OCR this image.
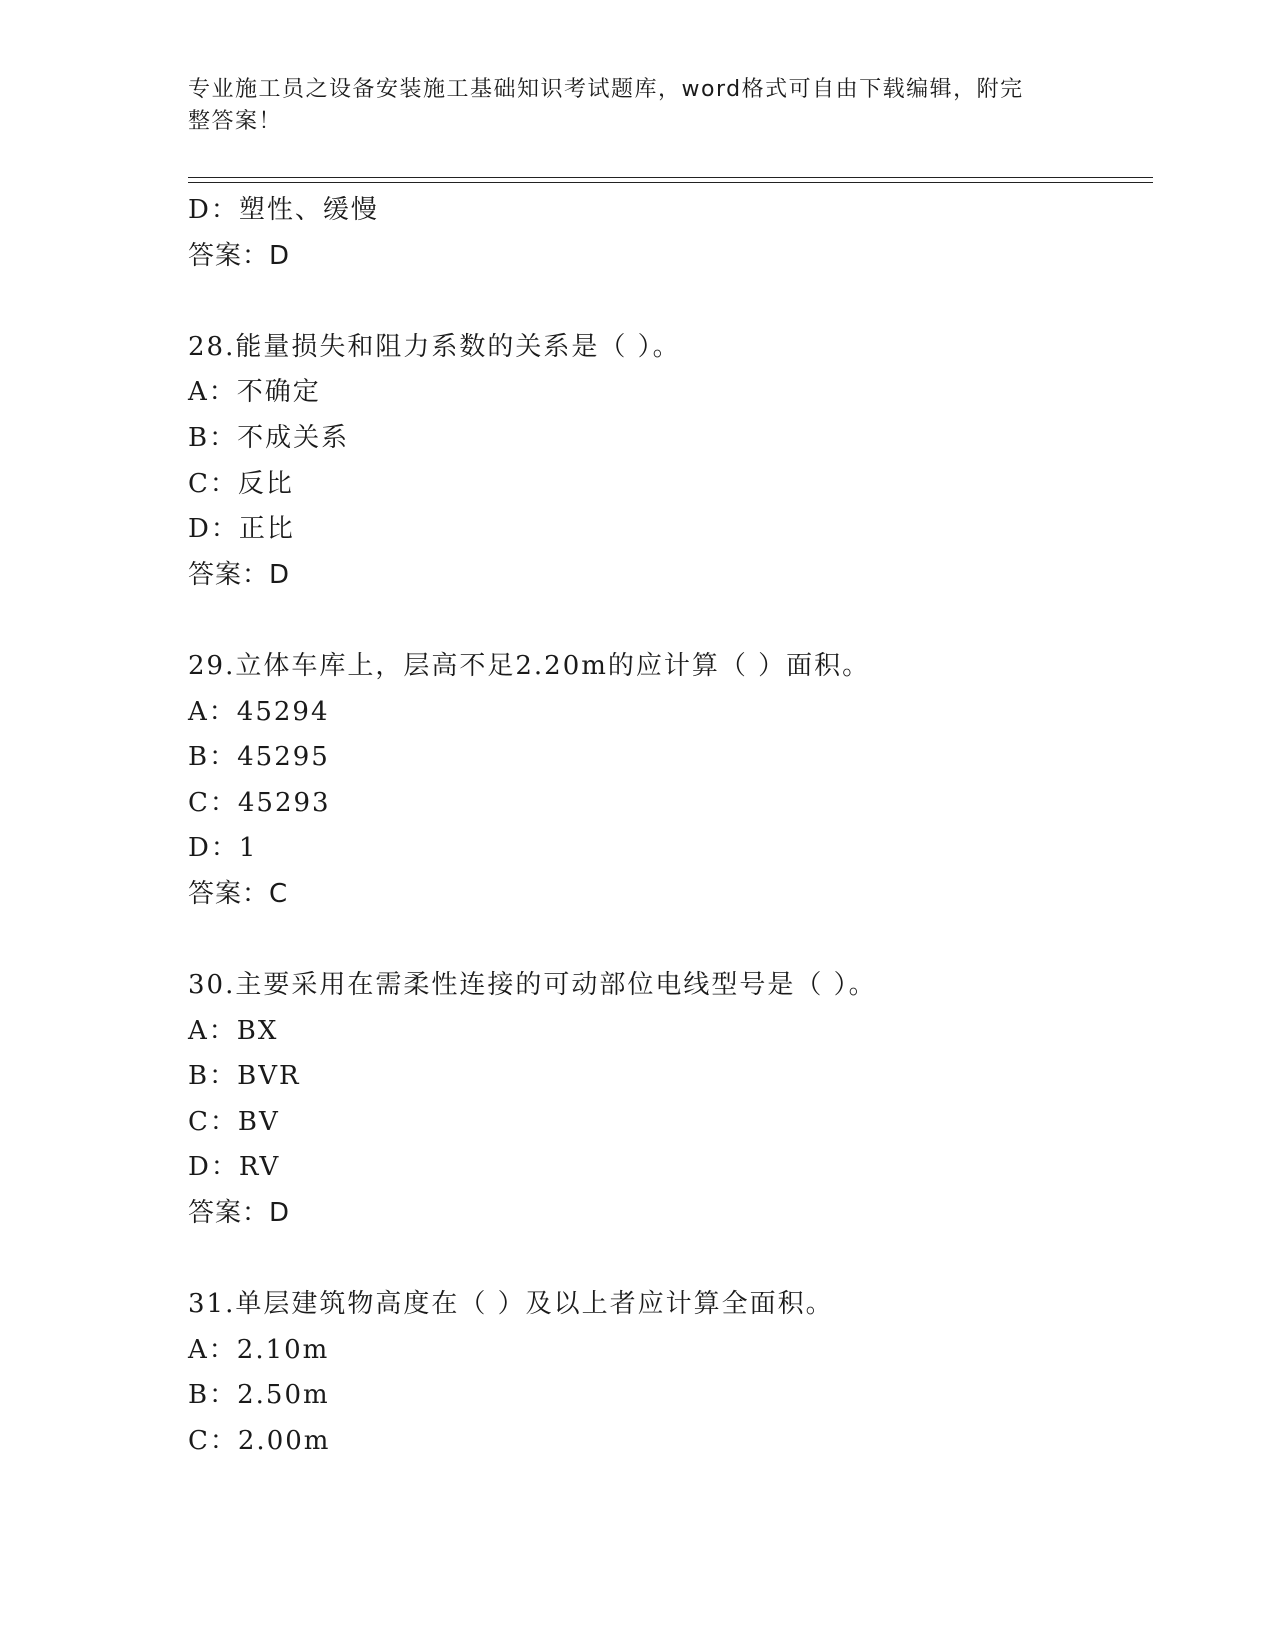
专业施工员之设备安装施工基础知识考试题库，word格式可自由下载编辑，附完
整答案！
D：塑性、缓慢
答案：D
28.能量损失和阻力系数的关系是（ ）。
A：不确定
B：不成关系
C：反比
D：正比
答案：D
29.立体车库上，层高不足2.20m的应计算（ ）面积。
A：45294
B：45295
C：45293
D：1
答案：C
30.主要采用在需柔性连接的可动部位电线型号是（ ）。
A：BX
B：BVR
C：BV
D：RV
答案：D
31.单层建筑物高度在（ ）及以上者应计算全面积。
A：2.10m
B：2.50m
C：2.00m
